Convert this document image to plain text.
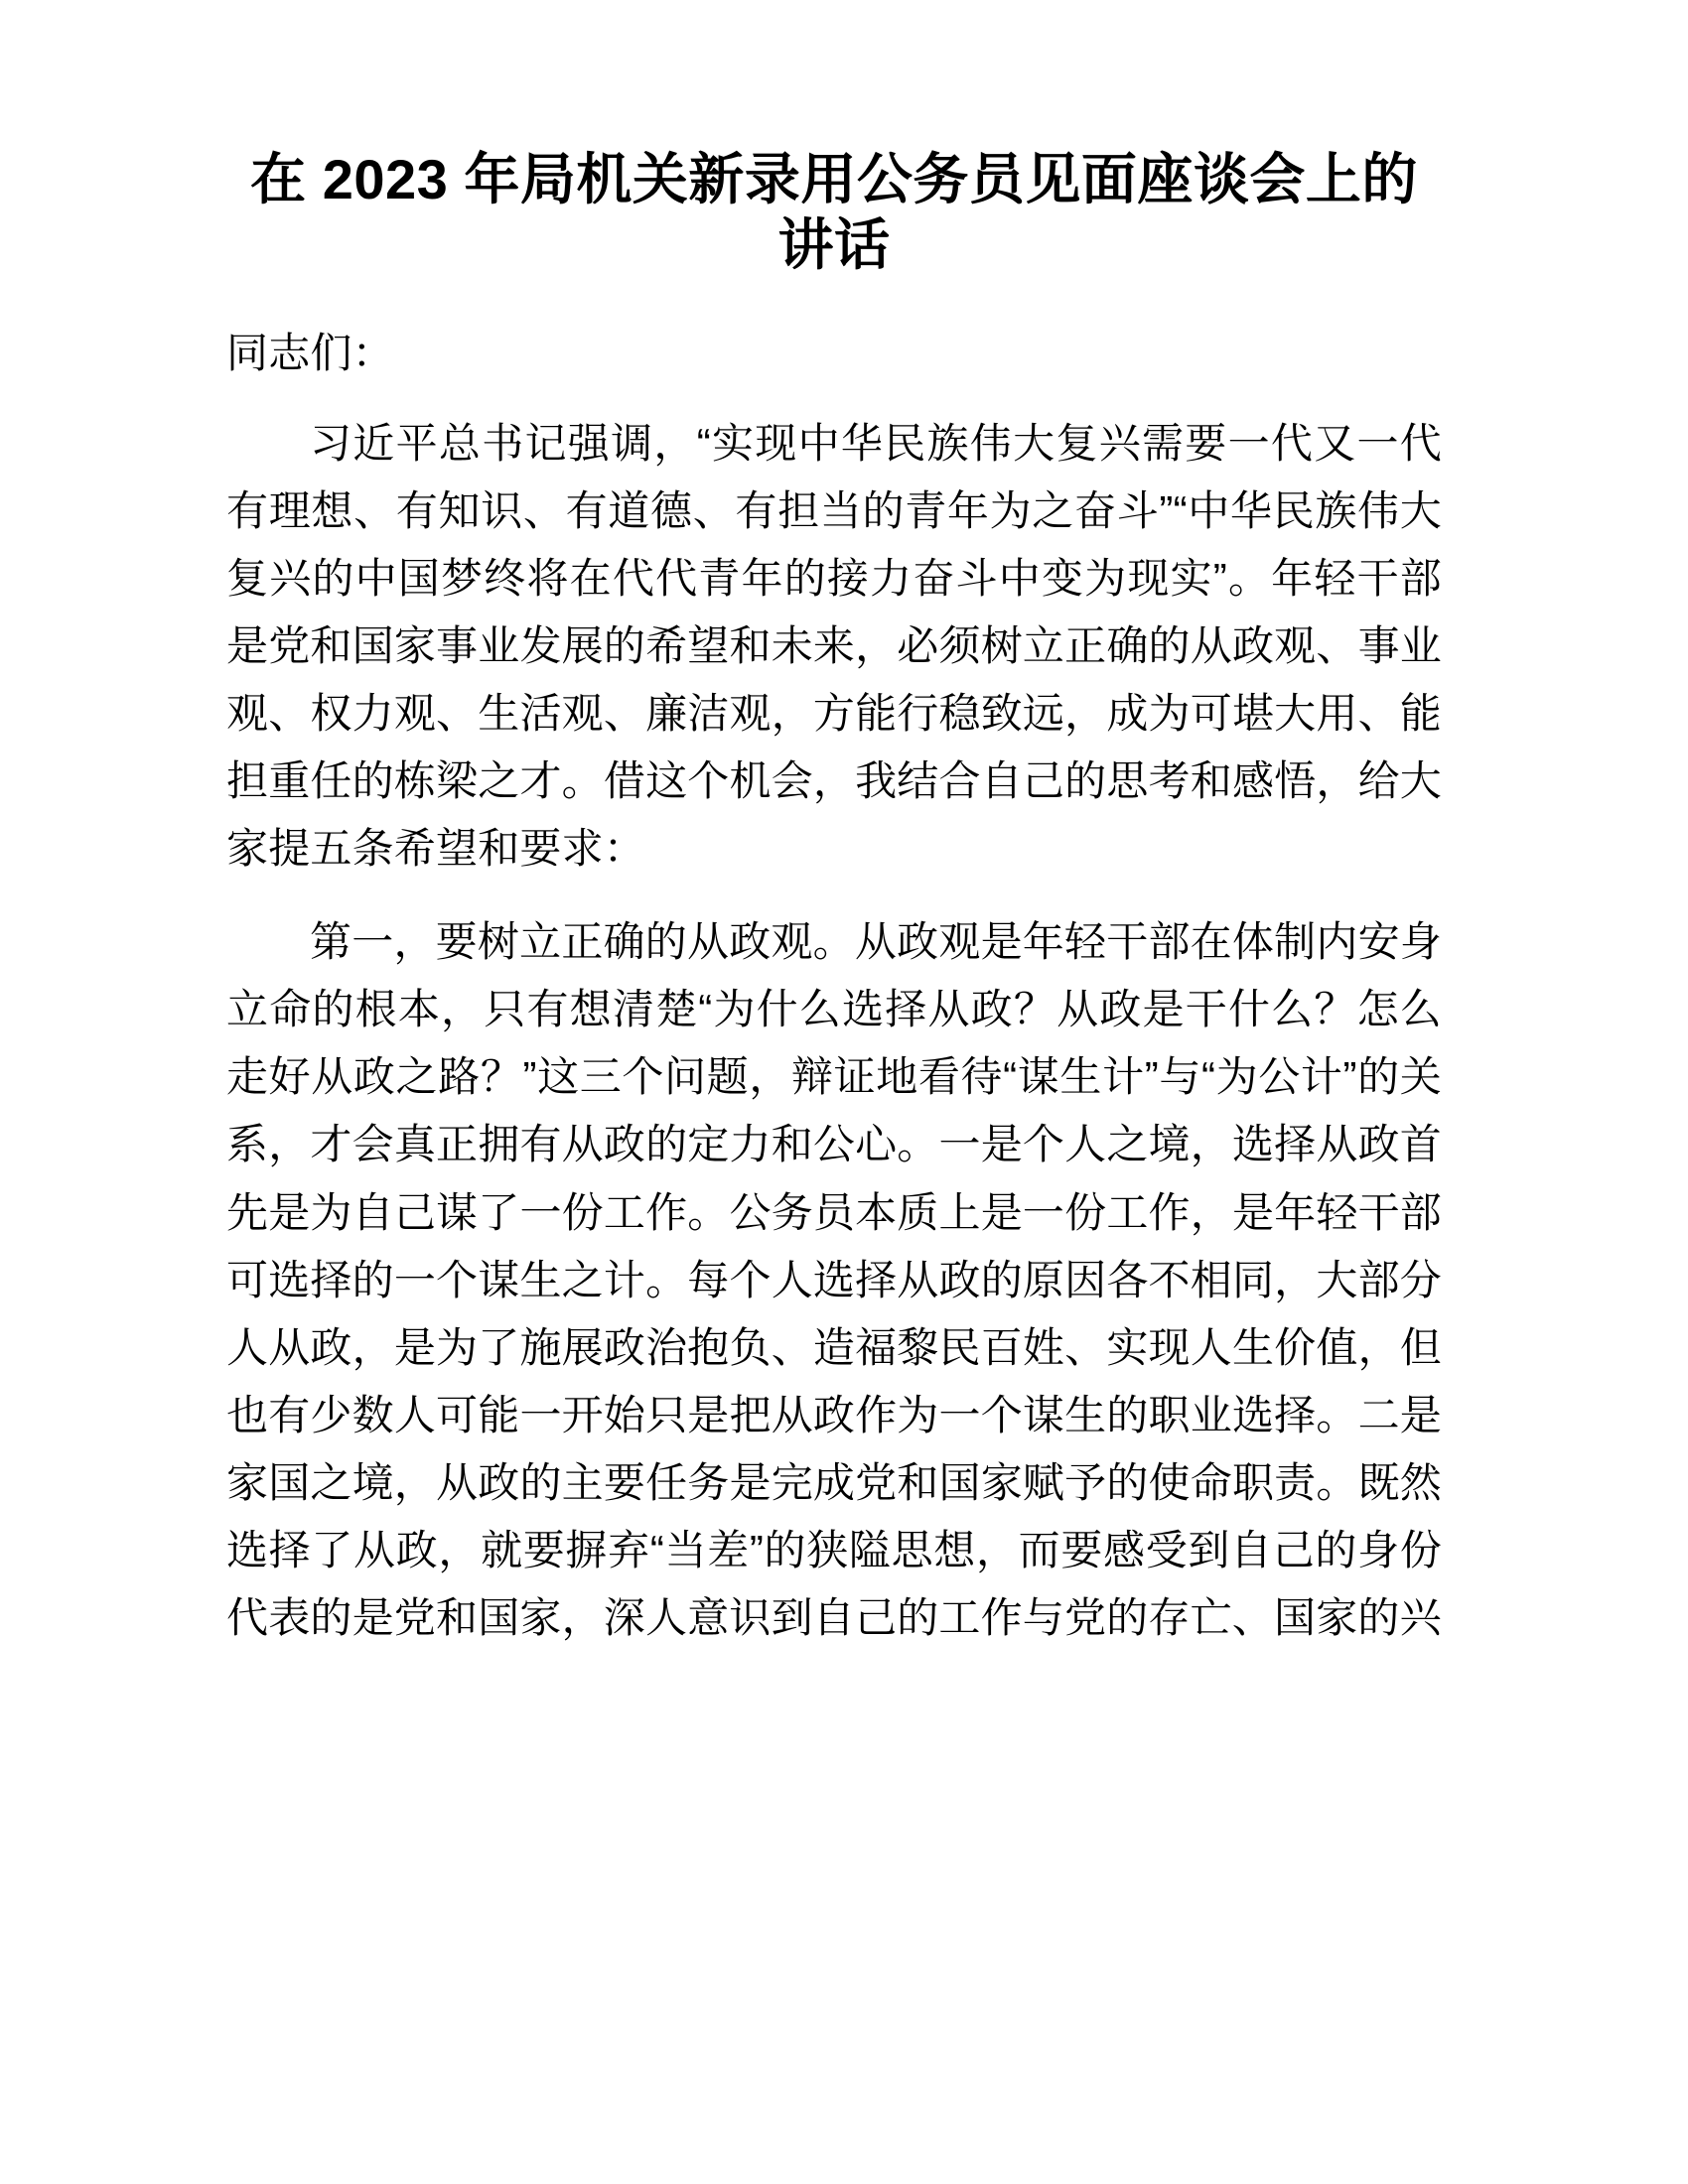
在 2023 年局机关新录用公务员见面座谈会上的讲话

同志们：

习近平总书记强调，“实现中华民族伟大复兴需要一代又一代有理想、有知识、有道德、有担当的青年为之奋斗”“中华民族伟大复兴的中国梦终将在代代青年的接力奋斗中变为现实”。年轻干部是党和国家事业发展的希望和未来，必须树立正确的从政观、事业观、权力观、生活观、廉洁观，方能行稳致远，成为可堪大用、能担重任的栋梁之才。借这个机会，我结合自己的思考和感悟，给大家提五条希望和要求：

第一，要树立正确的从政观。从政观是年轻干部在体制内安身立命的根本，只有想清楚“为什么选择从政？从政是干什么？怎么走好从政之路？”这三个问题，辩证地看待“谋生计”与“为公计”的关系，才会真正拥有从政的定力和公心。一是个人之境，选择从政首先是为自己谋了一份工作。公务员本质上是一份工作，是年轻干部可选择的一个谋生之计。每个人选择从政的原因各不相同，大部分人从政，是为了施展政治抱负、造福黎民百姓、实现人生价值，但也有少数人可能一开始只是把从政作为一个谋生的职业选择。二是家国之境，从政的主要任务是完成党和国家赋予的使命职责。既然选择了从政，就要摒弃“当差”的狭隘思想，而要感受到自己的身份代表的是党和国家，深人意识到自己的工作与党的存亡、国家的兴
